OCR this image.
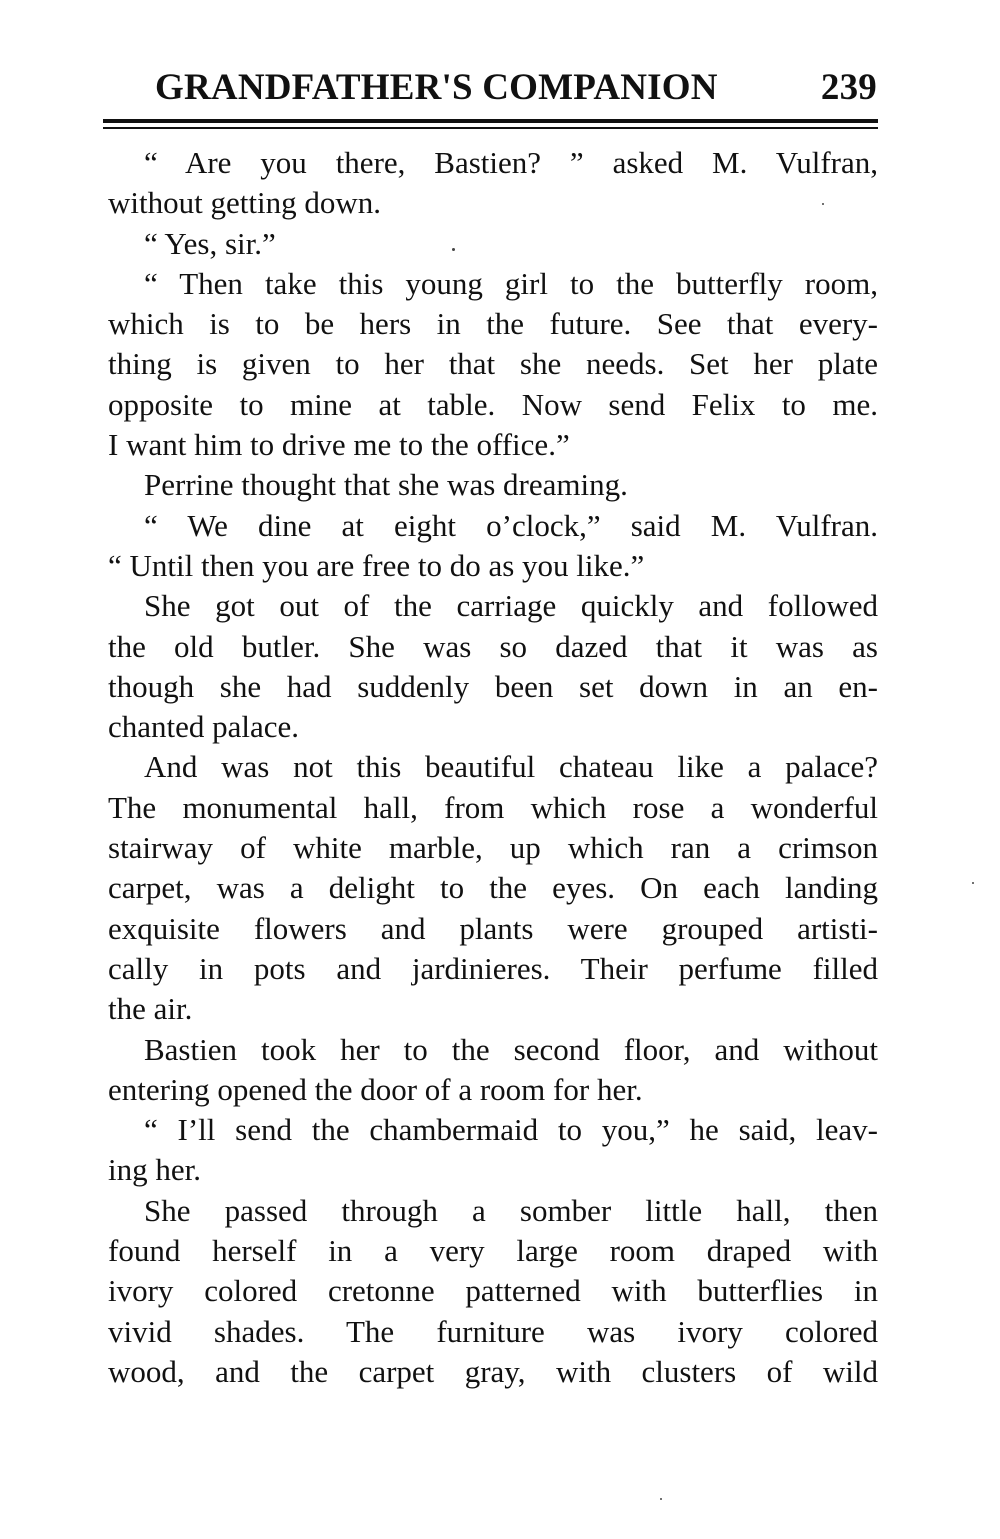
GRANDFATHER'S COMPANION	239
“ Are you there, Bastien? ” asked M. Vulfran,
without getting down.
“ Yes, sir.”
“ Then take this young girl to the butterfly room,
which is to be hers in the future. See that every-
thing is given to her that she needs. Set her plate
opposite to mine at table. Now send Felix to me.
I want him to drive me to the office.”
Perrine thought that she was dreaming.
“ We dine at eight o’clock,” said M. Vulfran.
“ Until then you are free to do as you like.”
She got out of the carriage quickly and followed
the old butler. She was so dazed that it was as
though she had suddenly been set down in an en-
chanted palace.
And was not this beautiful chateau like a palace?
The monumental hall, from which rose a wonderful
stairway of white marble, up which ran a crimson
carpet, was a delight to the eyes. On each landing
exquisite flowers and plants were grouped artisti-
cally in pots and jardinieres. Their perfume filled
the air.
Bastien took her to the second floor, and without
entering opened the door of a room for her.
“ I’ll send the chambermaid to you,” he said, leav-
ing her.
She passed through a somber little hall, then
found herself in a very large room draped with
ivory colored cretonne patterned with butterflies in
vivid shades. The furniture was ivory colored
wood, and the carpet gray, with clusters of wild
